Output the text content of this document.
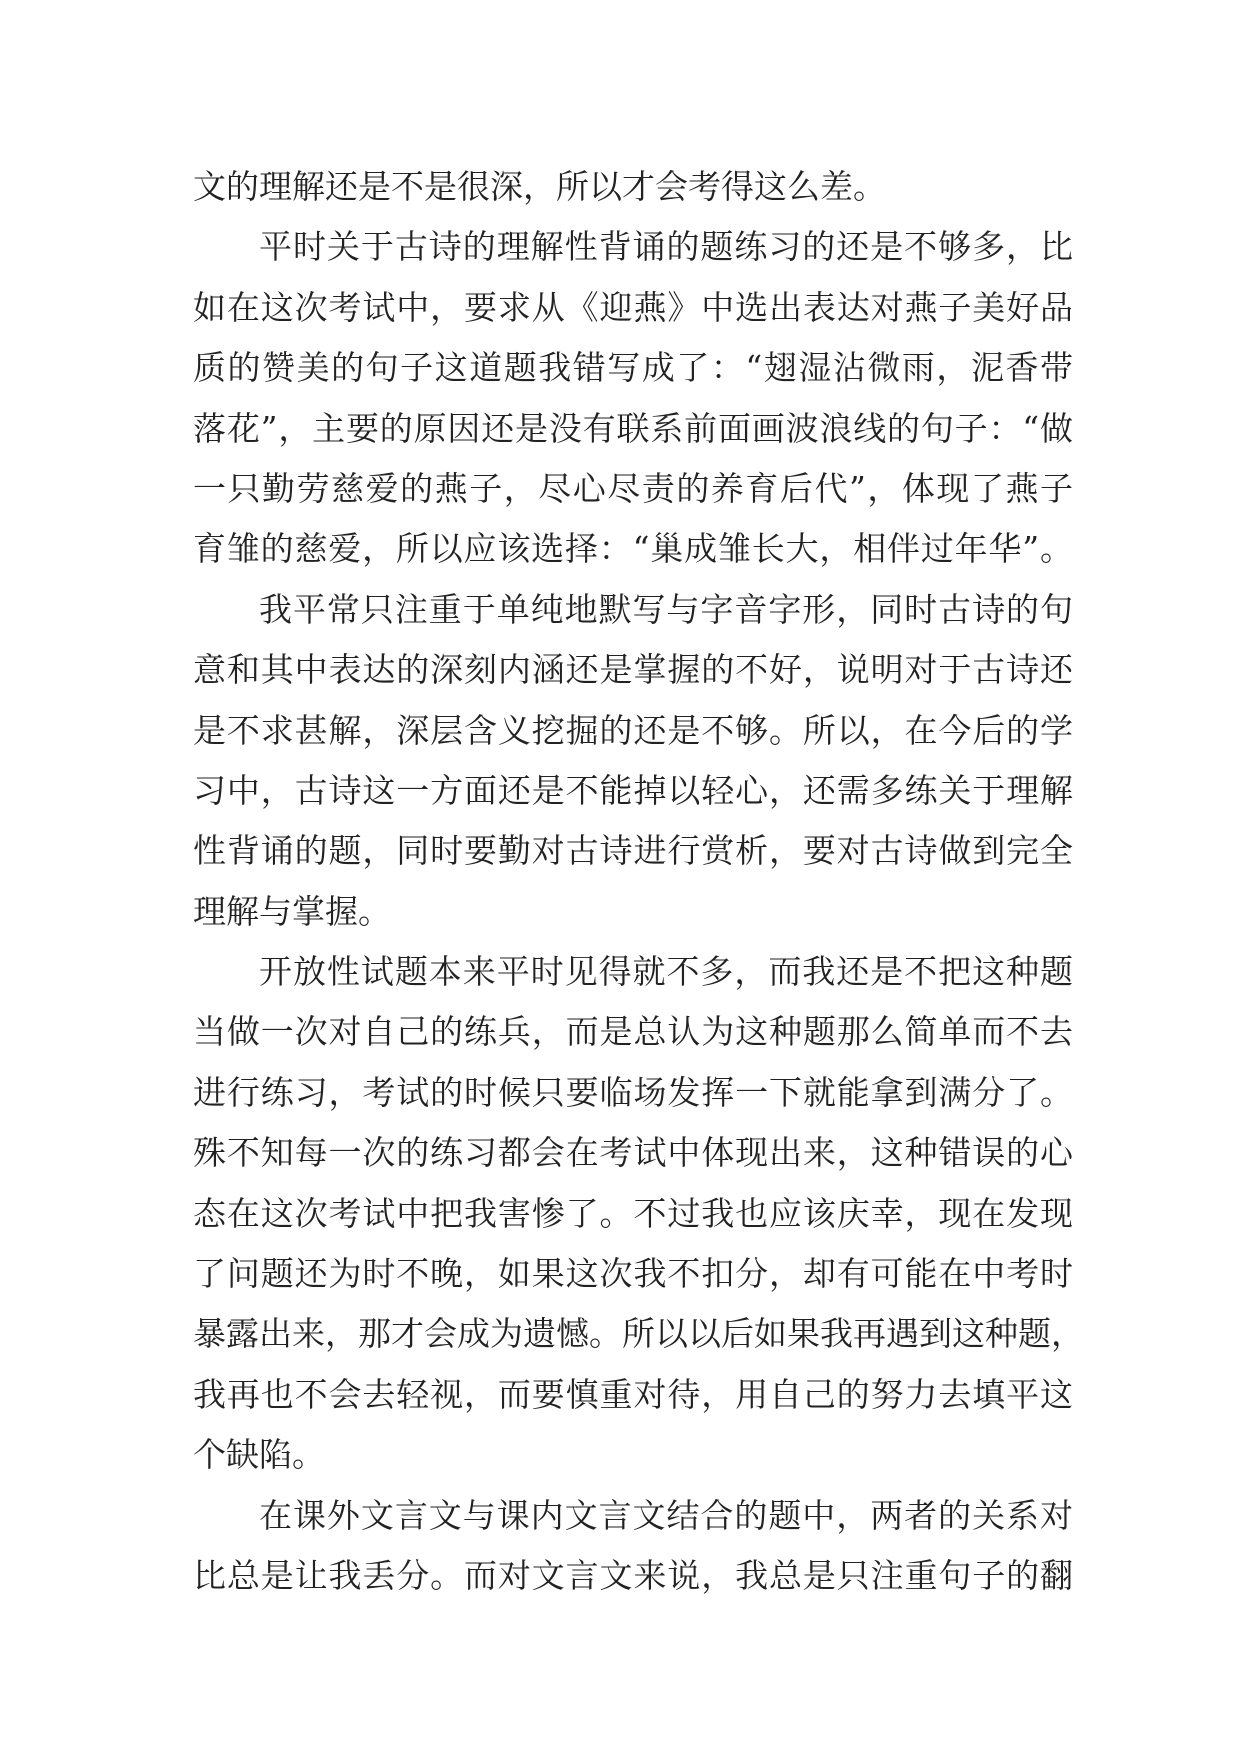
文的理解还是不是很深，所以才会考得这么差。
平时关于古诗的理解性背诵的题练习的还是不够多，比
如在这次考试中，要求从《迎燕》中选出表达对燕子美好品
质的赞美的句子这道题我错写成了：“翅湿沾微雨，泥香带
落花”，主要的原因还是没有联系前面画波浪线的句子：“做
一只勤劳慈爱的燕子，尽心尽责的养育后代”，体现了燕子
育雏的慈爱，所以应该选择：“巢成雏长大，相伴过年华”。
我平常只注重于单纯地默写与字音字形，同时古诗的句
意和其中表达的深刻内涵还是掌握的不好，说明对于古诗还
是不求甚解，深层含义挖掘的还是不够。所以，在今后的学
习中，古诗这一方面还是不能掉以轻心，还需多练关于理解
性背诵的题，同时要勤对古诗进行赏析，要对古诗做到完全
理解与掌握。
开放性试题本来平时见得就不多，而我还是不把这种题
当做一次对自己的练兵，而是总认为这种题那么简单而不去
进行练习，考试的时候只要临场发挥一下就能拿到满分了。
殊不知每一次的练习都会在考试中体现出来，这种错误的心
态在这次考试中把我害惨了。不过我也应该庆幸，现在发现
了问题还为时不晚，如果这次我不扣分，却有可能在中考时
暴露出来，那才会成为遗憾。所以以后如果我再遇到这种题，
我再也不会去轻视，而要慎重对待，用自己的努力去填平这
个缺陷。
在课外文言文与课内文言文结合的题中，两者的关系对
比总是让我丢分。而对文言文来说，我总是只注重句子的翻
